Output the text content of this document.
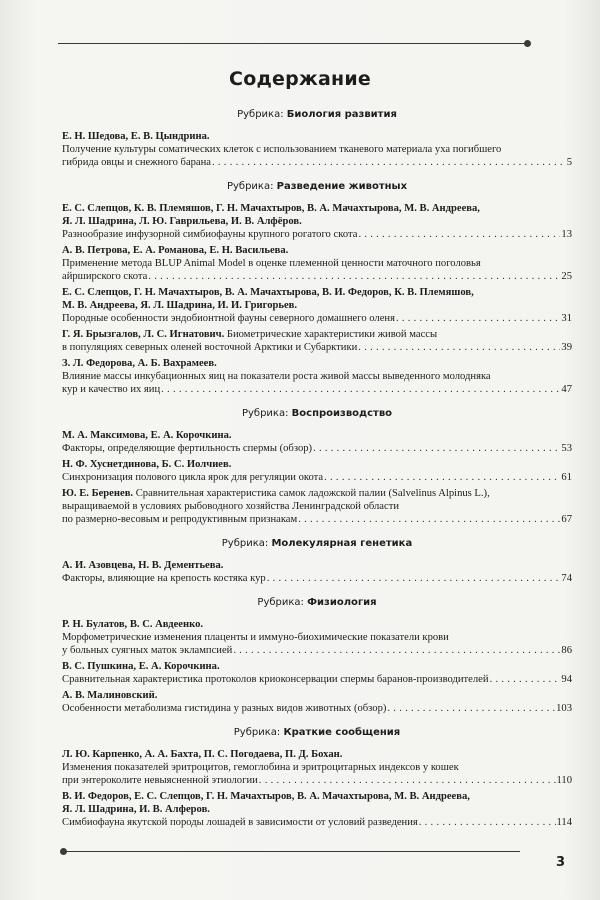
Содержание
Рубрика: Биология развития
Е. Н. Шедова, Е. В. Цындрина.
Получение культуры соматических клеток с использованием тканевого материала уха погибшего
гибрида овцы и снежного барана . . .	5
Рубрика: Разведение животных
Е. С. Слепцов, К. В. Племяшов, Г. Н. Мачахтыров, В. А. Мачахтырова, М. В. Андреева,
Я. Л. Шадрина, Л. Ю. Гаврильева, И. В. Алфёров.
Разнообразие инфузорной симбиофауны крупного рогатого скота . . .	13
А. В. Петрова, Е. А. Романова, Е. Н. Васильева.
Применение метода BLUP Animal Model в оценке племенной ценности маточного поголовья
айрширского скота . . .	25
Е. С. Слепцов, Г. Н. Мачахтыров, В. А. Мачахтырова, В. И. Федоров, К. В. Племяшов,
М. В. Андреева, Я. Л. Шадрина, И. И. Григорьев.
Породные особенности эндобионтной фауны северного домашнего оленя . . .	31
Г. Я. Брызгалов, Л. С. Игнатович. Биометрические характеристики живой массы
в популяциях северных оленей восточной Арктики и Субарктики . . .	39
З. Л. Федорова, А. Б. Вахрамеев.
Влияние массы инкубационных яиц на показатели роста живой массы выведенного молодняка
кур и качество их яиц . . .	47
Рубрика: Воспроизводство
М. А. Максимова, Е. А. Корочкина.
Факторы, определяющие фертильность спермы (обзор) . . .	53
Н. Ф. Хуснетдинова, Б. С. Иолчиев.
Синхронизация полового цикла ярок для регуляции окота . . .	61
Ю. Е. Беренев. Сравнительная характеристика самок ладожской палии (Salvelinus Alpinus L.),
выращиваемой в условиях рыбоводного хозяйства Ленинградской области
по размерно-весовым и репродуктивным признакам . . .	67
Рубрика: Молекулярная генетика
А. И. Азовцева, Н. В. Дементьева.
Факторы, влияющие на крепость костяка кур . . .	74
Рубрика: Физиология
Р. Н. Булатов, В. С. Авдеенко.
Морфометрические изменения плаценты и иммуно-биохимические показатели крови
у больных суягных маток эклампсией . . .	86
В. С. Пушкина, Е. А. Корочкина.
Сравнительная характеристика протоколов криоконсервации спермы баранов-производителей . . .	94
А. В. Малиновский.
Особенности метаболизма гистидина у разных видов животных (обзор) . . .	103
Рубрика: Краткие сообщения
Л. Ю. Карпенко, А. А. Бахта, П. С. Погодаева, П. Д. Бохан.
Изменения показателей эритроцитов, гемоглобина и эритроцитарных индексов у кошек
при энтероколите невыясненной этиологии . . .	110
В. И. Федоров, Е. С. Слепцов, Г. Н. Мачахтыров, В. А. Мачахтырова, М. В. Андреева,
Я. Л. Шадрина, И. В. Алферов.
Симбиофауна якутской породы лошадей в зависимости от условий разведения . . .	114
3
